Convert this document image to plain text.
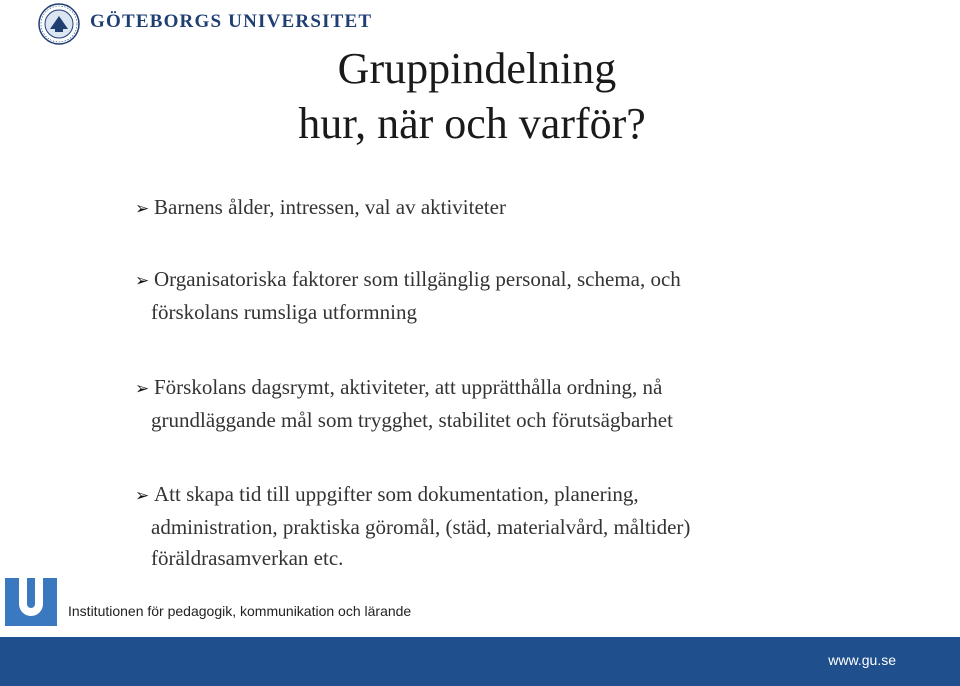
GÖTEBORGS UNIVERSITET
Gruppindelning
hur, när och varför?
➢ Barnens ålder, intressen, val av aktiviteter
➢ Organisatoriska faktorer som tillgänglig personal, schema, och
förskolans rumsliga utformning
➢ Förskolans dagsrymt, aktiviteter, att upprätthålla ordning, nå
grundläggande mål som trygghet, stabilitet och förutsägbarhet
➢ Att skapa tid till uppgifter som dokumentation, planering,
administration, praktiska göromål, (städ, materialvård, måltider)
föräldrasamverkan etc.
Institutionen för pedagogik, kommunikation och lärande
www.gu.se
